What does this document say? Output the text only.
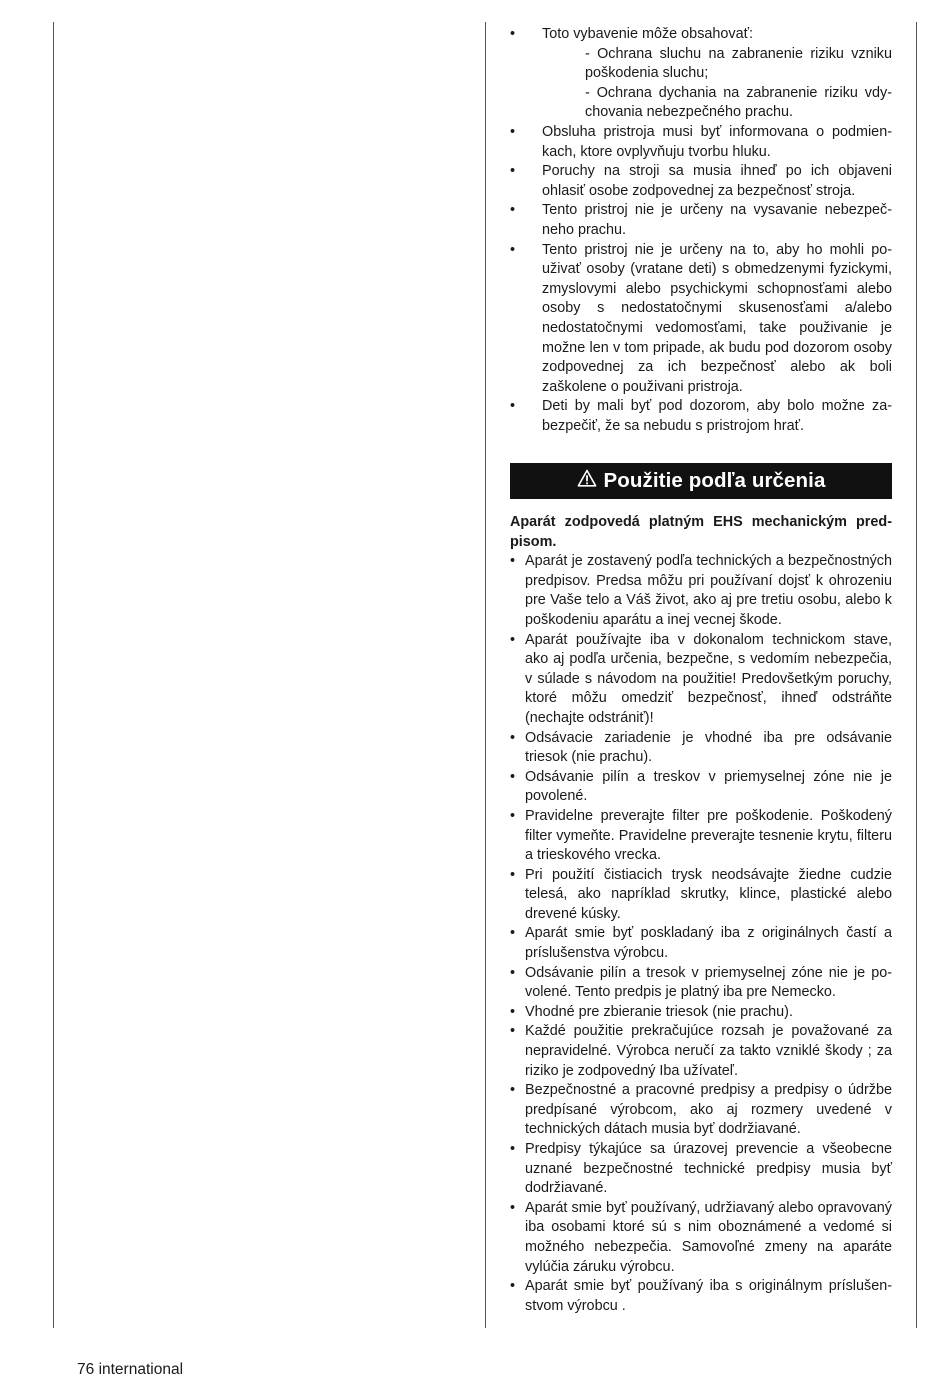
• Toto vybavenie môže obsahovať:
- Ochrana sluchu na zabranenie riziku vzniku poškodenia sluchu;
- Ochrana dychania na zabranenie riziku vdychovania nebezpečného prachu.
• Obsluha pristroja musi byť informovana o podmienkach, ktore ovplyvňuju tvorbu hluku.
• Poruchy na stroji sa musia ihneď po ich objaveni ohlasiť osobe zodpovednej za bezpečnosť stroja.
• Tento pristroj nie je určeny na vysavanie nebezpečneho prachu.
• Tento pristroj nie je určeny na to, aby ho mohli použivať osoby (vratane deti) s obmedzenymi fyzickymi, zmyslovymi alebo psychickymi schopnosťami alebo osoby s nedostatočnymi skusenosťami a/alebo nedostatočnymi vedomosťami, take použivanie je možne len v tom pripade, ak budu pod dozorom osoby zodpovednej za ich bezpečnosť alebo ak boli zaškolene o použivani pristroja.
• Deti by mali byť pod dozorom, aby bolo možne zabezpečiť, že sa nebudu s pristrojom hrať.
Použitie podľa určenia
Aparát zodpovedá platným EHS mechanickým predpisom.
• Aparát je zostavený podľa technických a bezpečnostných predpisov. Predsa môžu pri používaní dojsť k ohrozeniu pre Vaše telo a Váš život, ako aj pre tretiu osobu, alebo k poškodeniu aparátu a inej vecnej škode.
• Aparát používajte iba v dokonalom technickom stave, ako aj podľa určenia, bezpečne, s vedomím nebezpečia, v súlade s návodom na použitie! Predovšetkým poruchy, ktoré môžu omedziť bezpečnosť, ihneď odstráňte (nechajte odstrániť)!
• Odsávacie zariadenie je vhodné iba pre odsávanie triesok (nie prachu).
• Odsávanie pilín a treskov v priemyselnej zóne nie je povolené.
• Pravidelne preverajte filter pre poškodenie. Poškodený filter vymeňte. Pravidelne preverajte tesnenie krytu, filteru a trieskového vrecka.
• Pri použití čistiacich trysk neodsávajte žiedne cudzie telesá, ako napríklad skrutky, klince, plastické alebo drevené kúsky.
• Aparát smie byť poskladaný iba z originálnych častí a príslušenstva výrobcu.
• Odsávanie pilín a tresok v priemyselnej zóne nie je povolené. Tento predpis je platný iba pre Nemecko.
• Vhodné pre zbieranie triesok (nie prachu).
• Každé použitie prekračujúce rozsah je považované za nepravidelné. Výrobca neručí za takto vzniklé škody ; za riziko je zodpovedný Iba užívateľ.
• Bezpečnostné a pracovné predpisy a predpisy o údržbe predpísané výrobcom, ako aj rozmery uvedené v technických dátach musia byť dodržiavané.
• Predpisy týkajúce sa úrazovej prevencie a všeobecne uznané bezpečnostné technické predpisy musia byť dodržiavané.
• Aparát smie byť používaný, udržiavaný alebo opravovaný iba osobami ktoré sú s nim oboznámené a vedomé si možného nebezpečia. Samovoľné zmeny na aparáte vylúčia záruku výrobcu.
• Aparát smie byť používaný iba s originálnym príslušenstvom výrobcu .
76 international
